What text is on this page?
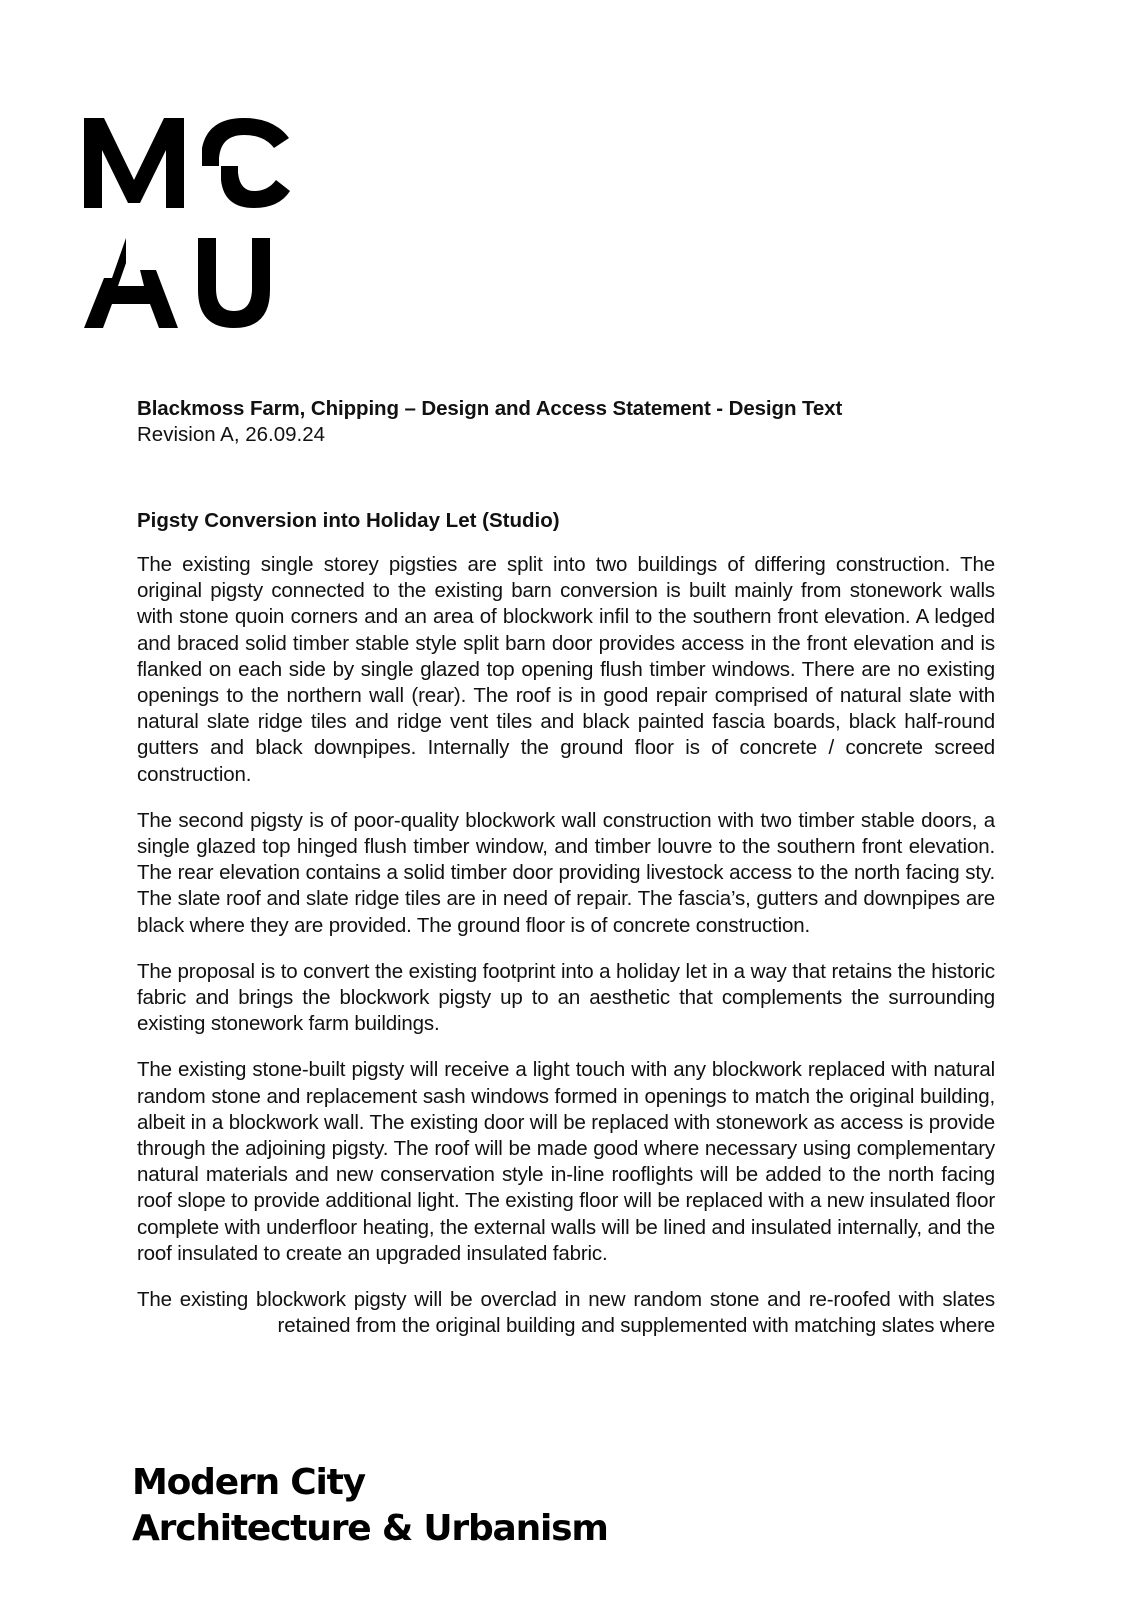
Blackmoss Farm, Chipping – Design and Access Statement - Design Text

Revision A, 26.09.24

Pigsty Conversion into Holiday Let (Studio)

The existing single storey pigsties are split into two buildings of differing construction. The original pigsty connected to the existing barn conversion is built mainly from stonework walls with stone quoin corners and an area of blockwork infil to the southern front elevation. A ledged and braced solid timber stable style split barn door provides access in the front elevation and is flanked on each side by single glazed top opening flush timber windows. There are no existing openings to the northern wall (rear). The roof is in good repair comprised of natural slate with natural slate ridge tiles and ridge vent tiles and black painted fascia boards, black half-round gutters and black downpipes. Internally the ground floor is of concrete / concrete screed construction.

The second pigsty is of poor-quality blockwork wall construction with two timber stable doors, a single glazed top hinged flush timber window, and timber louvre to the southern front elevation. The rear elevation contains a solid timber door providing livestock access to the north facing sty. The slate roof and slate ridge tiles are in need of repair. The fascia’s, gutters and downpipes are black where they are provided. The ground floor is of concrete construction.

The proposal is to convert the existing footprint into a holiday let in a way that retains the historic fabric and brings the blockwork pigsty up to an aesthetic that complements the surrounding existing stonework farm buildings.

The existing stone-built pigsty will receive a light touch with any blockwork replaced with natural random stone and replacement sash windows formed in openings to match the original building, albeit in a blockwork wall. The existing door will be replaced with stonework as access is provide through the adjoining pigsty. The roof will be made good where necessary using complementary natural materials and new conservation style in-line rooflights will be added to the north facing roof slope to provide additional light. The existing floor will be replaced with a new insulated floor complete with underfloor heating, the external walls will be lined and insulated internally, and the roof insulated to create an upgraded insulated fabric.

The existing blockwork pigsty will be overclad in new random stone and re-roofed with slates retained from the original building and supplemented with matching slates where

Modern City
Architecture & Urbanism
